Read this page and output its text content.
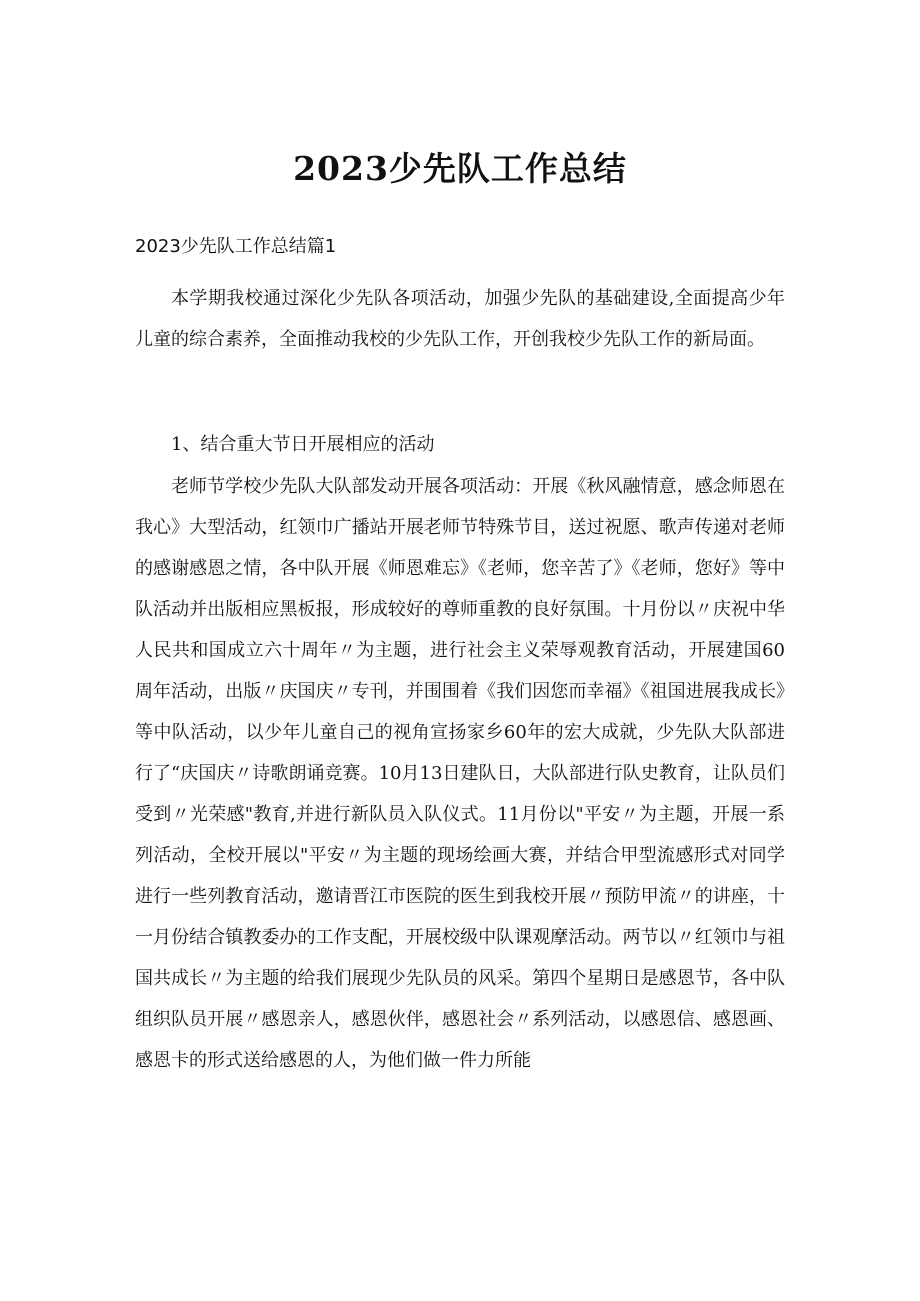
2023少先队工作总结

2023少先队工作总结篇1

本学期我校通过深化少先队各项活动，加强少先队的基础建设,全面提高少年儿童的综合素养，全面推动我校的少先队工作，开创我校少先队工作的新局面。

1、结合重大节日开展相应的活动

老师节学校少先队大队部发动开展各项活动：开展《秋风融情意，感念师恩在我心》大型活动，红领巾广播站开展老师节特殊节目，送过祝愿、歌声传递对老师的感谢感恩之情，各中队开展《师恩难忘》《老师，您辛苦了》《老师，您好》等中队活动并出版相应黑板报，形成较好的尊师重教的良好氛围。十月份以〃庆祝中华人民共和国成立六十周年〃为主题，进行社会主义荣辱观教育活动，开展建国60周年活动，出版〃庆国庆〃专刊，并围围着《我们因您而幸福》《祖国进展我成长》等中队活动，以少年儿童自己的视角宣扬家乡60年的宏大成就，少先队大队部进行了“庆国庆〃诗歌朗诵竞赛。10月13日建队日，大队部进行队史教育，让队员们受到〃光荣感"教育,并进行新队员入队仪式。11月份以"平安〃为主题，开展一系列活动，全校开展以"平安〃为主题的现场绘画大赛，并结合甲型流感形式对同学进行一些列教育活动，邀请晋江市医院的医生到我校开展〃预防甲流〃的讲座，十一月份结合镇教委办的工作支配，开展校级中队课观摩活动。两节以〃红领巾与祖国共成长〃为主题的给我们展现少先队员的风采。第四个星期日是感恩节，各中队组织队员开展〃感恩亲人，感恩伙伴，感恩社会〃系列活动，以感恩信、感恩画、感恩卡的形式送给感恩的人，为他们做一件力所能
